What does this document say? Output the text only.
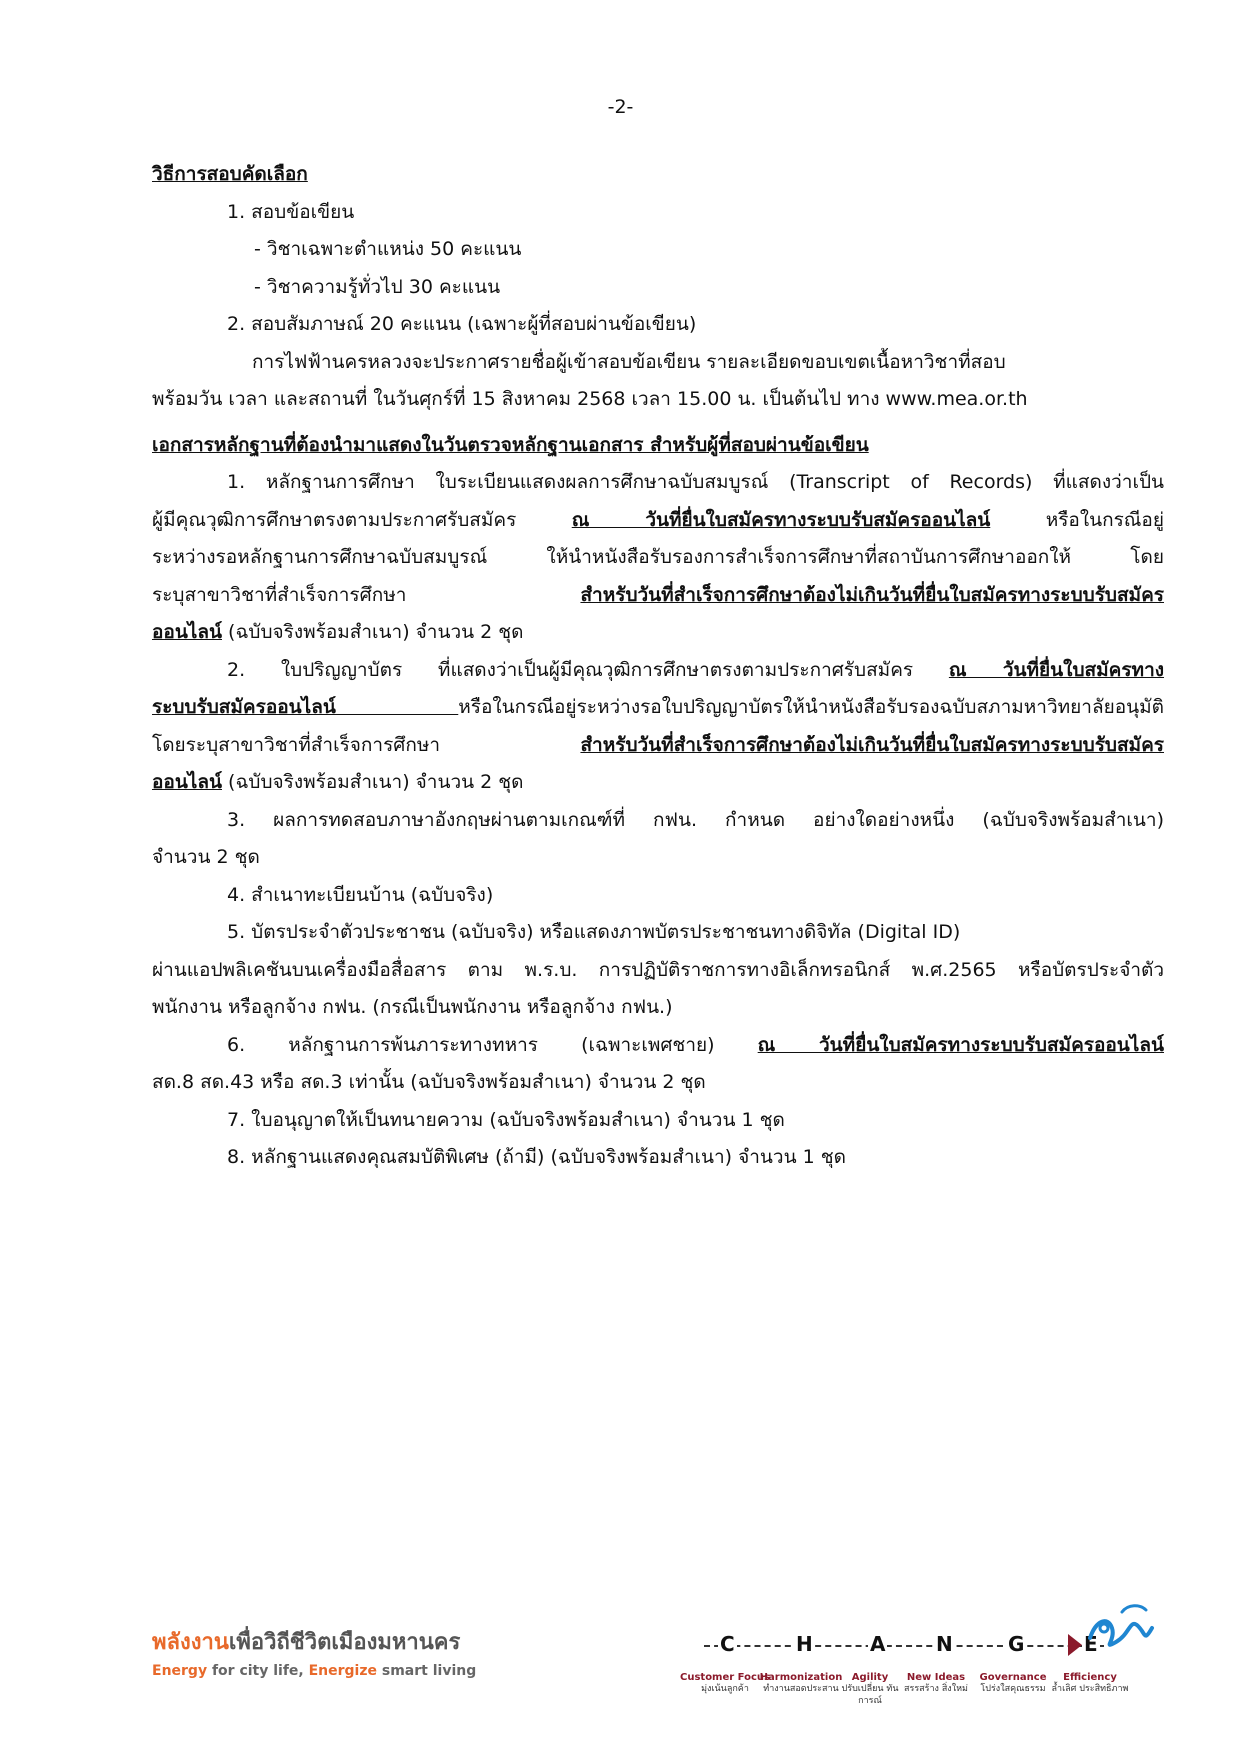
-2-
วิธีการสอบคัดเลือก
1. สอบข้อเขียน
- วิชาเฉพาะตำแหน่ง 50 คะแนน
- วิชาความรู้ทั่วไป 30 คะแนน
2. สอบสัมภาษณ์ 20 คะแนน (เฉพาะผู้ที่สอบผ่านข้อเขียน)
การไฟฟ้านครหลวงจะประกาศรายชื่อผู้เข้าสอบข้อเขียน รายละเอียดขอบเขตเนื้อหาวิชาที่สอบ
พร้อมวัน เวลา และสถานที่ ในวันศุกร์ที่ 15 สิงหาคม 2568 เวลา 15.00 น. เป็นต้นไป ทาง www.mea.or.th
เอกสารหลักฐานที่ต้องนำมาแสดงในวันตรวจหลักฐานเอกสาร สำหรับผู้ที่สอบผ่านข้อเขียน
1. หลักฐานการศึกษา ใบระเบียนแสดงผลการศึกษาฉบับสมบูรณ์ (Transcript of Records) ที่แสดงว่าเป็น
ผู้มีคุณวุฒิการศึกษาตรงตามประกาศรับสมัคร ณ วันที่ยื่นใบสมัครทางระบบรับสมัครออนไลน์ หรือในกรณีอยู่
ระหว่างรอหลักฐานการศึกษาฉบับสมบูรณ์ ให้นำหนังสือรับรองการสำเร็จการศึกษาที่สถาบันการศึกษาออกให้ โดย
ระบุสาขาวิชาที่สำเร็จการศึกษา สำหรับวันที่สำเร็จการศึกษาต้องไม่เกินวันที่ยื่นใบสมัครทางระบบรับสมัคร
ออนไลน์ (ฉบับจริงพร้อมสำเนา) จำนวน 2 ชุด
2. ใบปริญญาบัตร ที่แสดงว่าเป็นผู้มีคุณวุฒิการศึกษาตรงตามประกาศรับสมัคร ณ วันที่ยื่นใบสมัครทาง
ระบบรับสมัครออนไลน์ หรือในกรณีอยู่ระหว่างรอใบปริญญาบัตรให้นำหนังสือรับรองฉบับสภามหาวิทยาลัยอนุมัติ
โดยระบุสาขาวิชาที่สำเร็จการศึกษา สำหรับวันที่สำเร็จการศึกษาต้องไม่เกินวันที่ยื่นใบสมัครทางระบบรับสมัคร
ออนไลน์ (ฉบับจริงพร้อมสำเนา) จำนวน 2 ชุด
3. ผลการทดสอบภาษาอังกฤษผ่านตามเกณฑ์ที่ กฟน. กำหนด อย่างใดอย่างหนึ่ง (ฉบับจริงพร้อมสำเนา)
จำนวน 2 ชุด
4. สำเนาทะเบียนบ้าน (ฉบับจริง)
5. บัตรประจำตัวประชาชน (ฉบับจริง) หรือแสดงภาพบัตรประชาชนทางดิจิทัล (Digital ID)
ผ่านแอปพลิเคชันบนเครื่องมือสื่อสาร ตาม พ.ร.บ. การปฏิบัติราชการทางอิเล็กทรอนิกส์ พ.ศ.2565 หรือบัตรประจำตัว
พนักงาน หรือลูกจ้าง กฟน. (กรณีเป็นพนักงาน หรือลูกจ้าง กฟน.)
6. หลักฐานการพ้นภาระทางทหาร (เฉพาะเพศชาย) ณ วันที่ยื่นใบสมัครทางระบบรับสมัครออนไลน์
สด.8 สด.43 หรือ สด.3 เท่านั้น (ฉบับจริงพร้อมสำเนา) จำนวน 2 ชุด
7. ใบอนุญาตให้เป็นทนายความ (ฉบับจริงพร้อมสำเนา) จำนวน 1 ชุด
8. หลักฐานแสดงคุณสมบัติพิเศษ (ถ้ามี) (ฉบับจริงพร้อมสำเนา) จำนวน 1 ชุด
พลังงานเพื่อวิถีชีวิตเมืองมหานคร
Energy for city life, Energize smart living
C	H	A	N	G	E
Customer Focus
มุ่งเน้นลูกค้า
Harmonization
ทำงานสอดประสาน
Agility
ปรับเปลี่ยน ทันการณ์
New Ideas
สรรสร้าง สิ่งใหม่
Governance
โปร่งใสคุณธรรม
Efficiency
ล้ำเลิศ ประสิทธิภาพ
